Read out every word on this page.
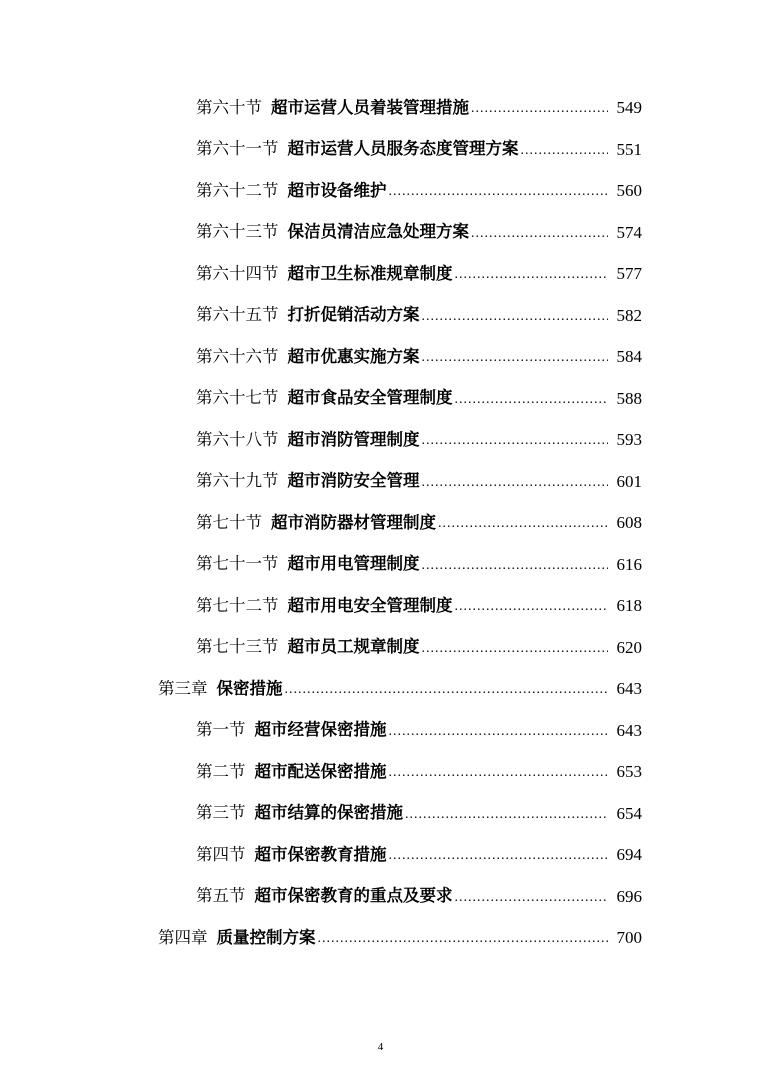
第六十节 超市运营人员着装管理措施 .....	549
第六十一节 超市运营人员服务态度管理方案 .....	551
第六十二节 超市设备维护 .....	560
第六十三节 保洁员清洁应急处理方案 .....	574
第六十四节 超市卫生标准规章制度 .....	577
第六十五节 打折促销活动方案 .....	582
第六十六节 超市优惠实施方案 .....	584
第六十七节 超市食品安全管理制度 .....	588
第六十八节 超市消防管理制度 .....	593
第六十九节 超市消防安全管理 .....	601
第七十节 超市消防器材管理制度 .....	608
第七十一节 超市用电管理制度 .....	616
第七十二节 超市用电安全管理制度 .....	618
第七十三节 超市员工规章制度 .....	620
第三章 保密措施 .....	643
第一节 超市经营保密措施 .....	643
第二节 超市配送保密措施 .....	653
第三节 超市结算的保密措施 .....	654
第四节 超市保密教育措施 .....	694
第五节 超市保密教育的重点及要求 .....	696
第四章 质量控制方案 .....	700
4
